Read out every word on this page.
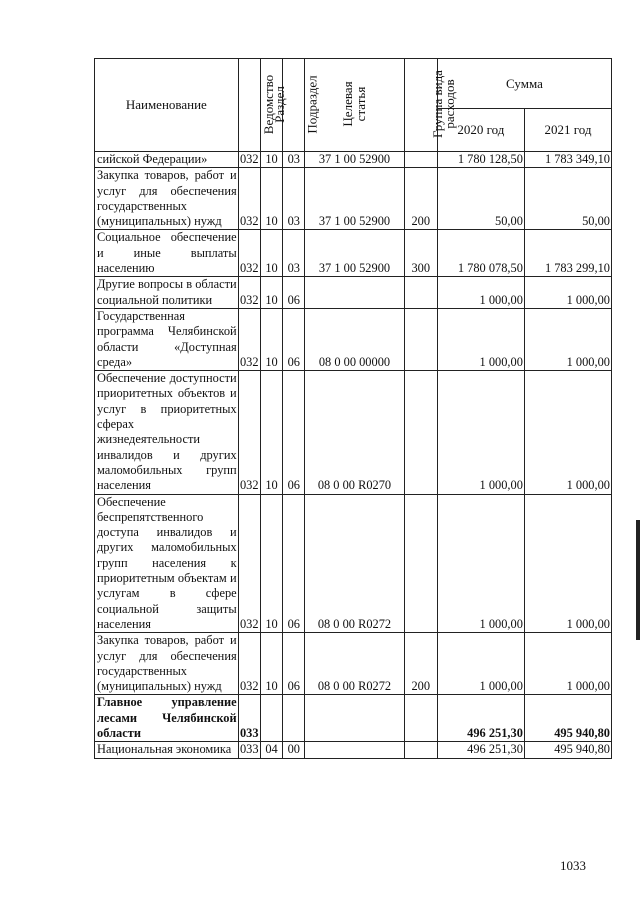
Наименование	Ведомство	Раздел	Подраздел	Целевая статья	Группа вида расходов	Сумма	
						2020 год	2021 год
сийской Федерации»	032	10	03	37 1 00 52900		1 780 128,50	1 783 349,10
Закупка товаров, работ и услуг для обеспечения государственных (муниципальных) нужд	032	10	03	37 1 00 52900	200	50,00	50,00
Социальное обеспечение и иные выплаты населению	032	10	03	37 1 00 52900	300	1 780 078,50	1 783 299,10
Другие вопросы в области социальной политики	032	10	06			1 000,00	1 000,00
Государственная программа Челябинской области «Доступная среда»	032	10	06	08 0 00 00000		1 000,00	1 000,00
Обеспечение доступности приоритетных объектов и услуг в приоритетных сферах жизнедеятельности инвалидов и других маломобильных групп населения	032	10	06	08 0 00 R0270		1 000,00	1 000,00
Обеспечение беспрепятственного доступа инвалидов и других маломобильных групп населения к приоритетным объектам и услугам в сфере социальной защиты населения	032	10	06	08 0 00 R0272		1 000,00	1 000,00
Закупка товаров, работ и услуг для обеспечения государственных (муниципальных) нужд	032	10	06	08 0 00 R0272	200	1 000,00	1 000,00
Главное управление лесами Челябинской области	033					496 251,30	495 940,80
Национальная экономика	033	04	00			496 251,30	495 940,80
1033
